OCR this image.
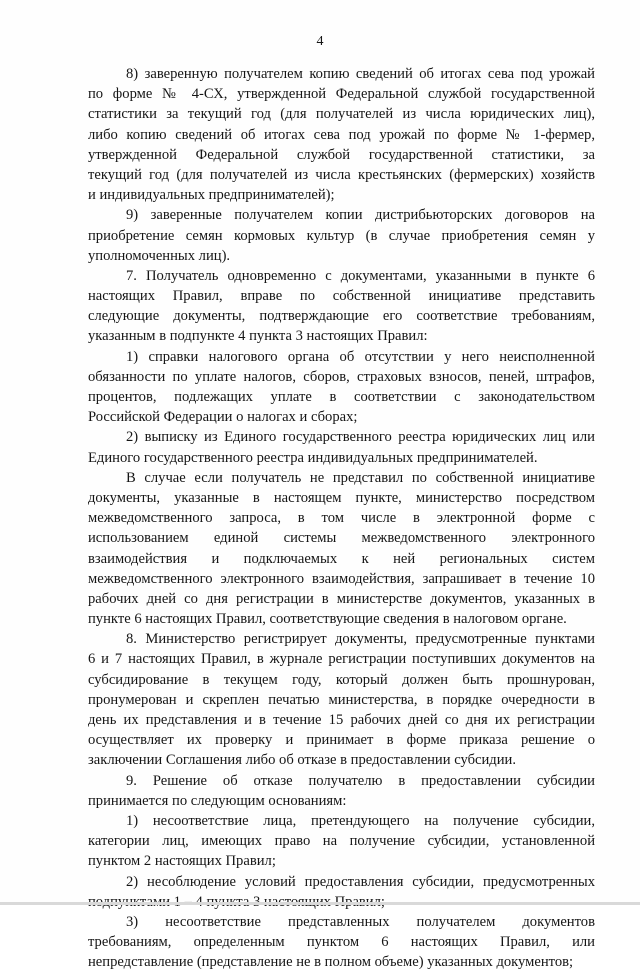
4
8) заверенную получателем копию сведений об итогах сева под урожай
по форме № 4-СХ, утвержденной Федеральной службой государственной
статистики за текущий год (для получателей из числа юридических лиц),
либо копию сведений об итогах сева под урожай по форме № 1-фермер,
утвержденной Федеральной службой государственной статистики, за
текущий год (для получателей из числа крестьянских (фермерских) хозяйств
и индивидуальных предпринимателей);
9) заверенные получателем копии дистрибьюторских договоров на
приобретение семян кормовых культур (в случае приобретения семян у
уполномоченных лиц).
7. Получатель одновременно с документами, указанными в пункте 6
настоящих Правил, вправе по собственной инициативе представить
следующие документы, подтверждающие его соответствие требованиям,
указанным в подпункте 4 пункта 3 настоящих Правил:
1) справки налогового органа об отсутствии у него неисполненной
обязанности по уплате налогов, сборов, страховых взносов, пеней, штрафов,
процентов, подлежащих уплате в соответствии с законодательством
Российской Федерации о налогах и сборах;
2) выписку из Единого государственного реестра юридических лиц или
Единого государственного реестра индивидуальных предпринимателей.
В случае если получатель не представил по собственной инициативе
документы, указанные в настоящем пункте, министерство посредством
межведомственного запроса, в том числе в электронной форме с
использованием единой системы межведомственного электронного
взаимодействия и подключаемых к ней региональных систем
межведомственного электронного взаимодействия, запрашивает в течение 10
рабочих дней со дня регистрации в министерстве документов, указанных в
пункте 6 настоящих Правил, соответствующие сведения в налоговом органе.
8. Министерство регистрирует документы, предусмотренные пунктами
6 и 7 настоящих Правил, в журнале регистрации поступивших документов на
субсидирование в текущем году, который должен быть прошнурован,
пронумерован и скреплен печатью министерства, в порядке очередности в
день их представления и в течение 15 рабочих дней со дня их регистрации
осуществляет их проверку и принимает в форме приказа решение о
заключении Соглашения либо об отказе в предоставлении субсидии.
9. Решение об отказе получателю в предоставлении субсидии
принимается по следующим основаниям:
1) несоответствие лица, претендующего на получение субсидии,
категории лиц, имеющих право на получение субсидии, установленной
пунктом 2 настоящих Правил;
2) несоблюдение условий предоставления субсидии, предусмотренных
3) несоответствие представленных получателем документов
требованиям, определенным пунктом 6 настоящих Правил, или
непредставление (представление не в полном объеме) указанных документов;
